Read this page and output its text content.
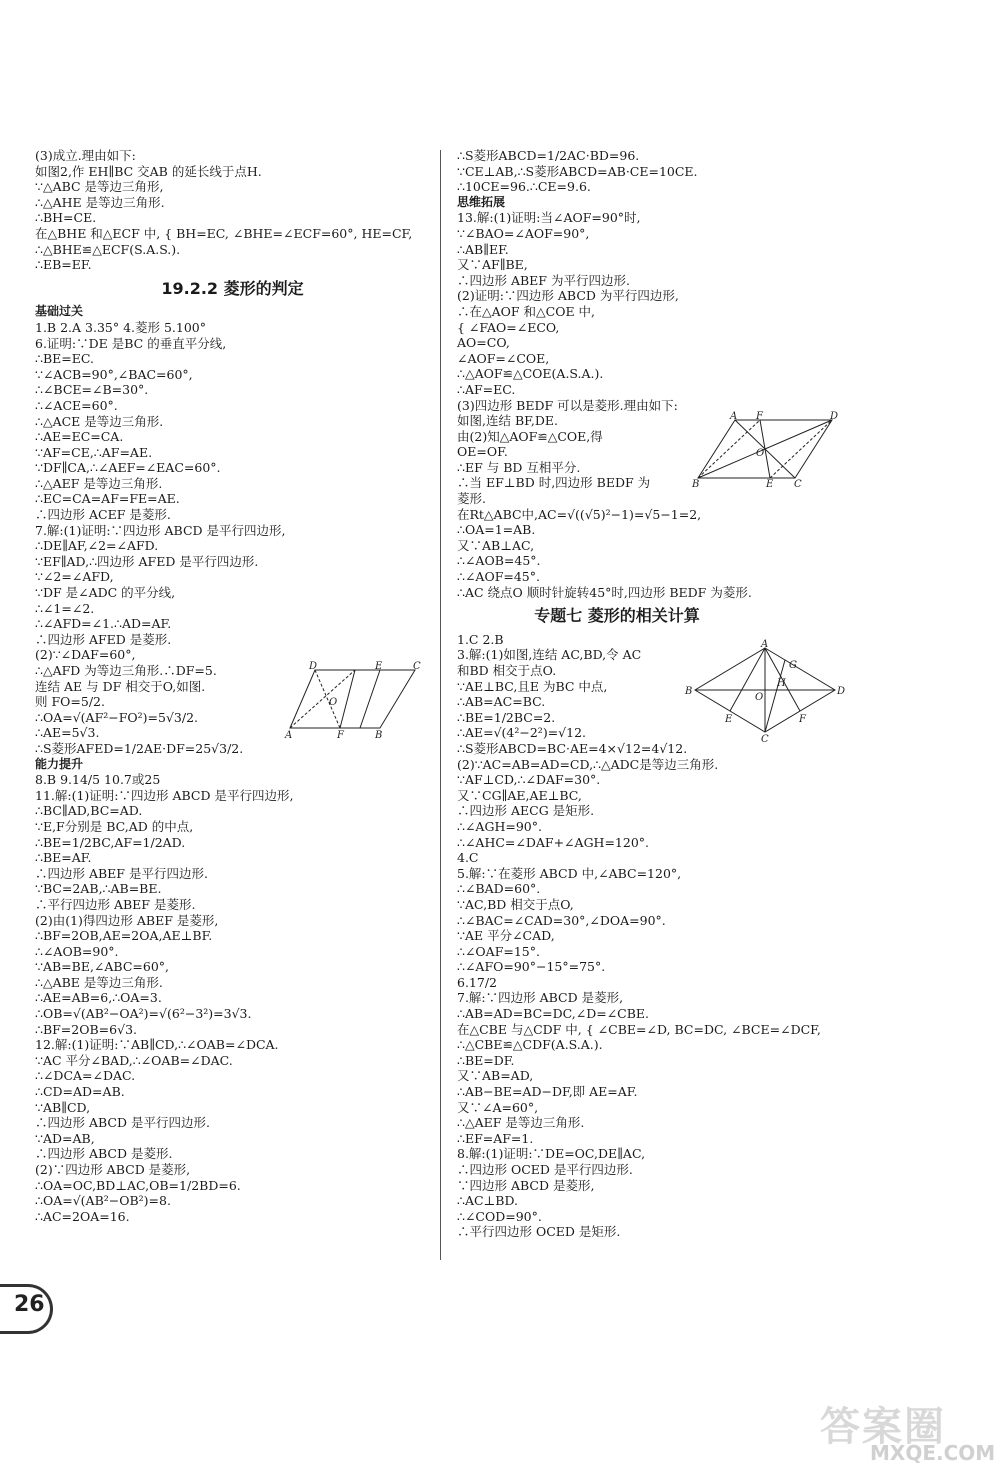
(3)成立.理由如下:
如图2,作 EH∥BC 交AB 的延长线于点H.
∵△ABC 是等边三角形,
∴△AHE 是等边三角形.
∴BH=CE.
在△BHE 和△ECF 中, { BH=EC, ∠BHE=∠ECF=60°, HE=CF,
∴△BHE≌△ECF(S.A.S.).
∴EB=EF.
19.2.2 菱形的判定
基础过关
1.B 2.A 3.35° 4.菱形 5.100°
6.证明:∵DE 是BC 的垂直平分线,
∴BE=EC.
∵∠ACB=90°,∠BAC=60°,
∴∠BCE=∠B=30°.
∴∠ACE=60°.
∴△ACE 是等边三角形.
∴AE=EC=CA.
∵AF=CE,∴AF=AE.
∵DF∥CA,∴∠AEF=∠EAC=60°.
∴△AEF 是等边三角形.
∴EC=CA=AF=FE=AE.
∴四边形 ACEF 是菱形.
7.解:(1)证明:∵四边形 ABCD 是平行四边形,
∴DE∥AF,∠2=∠AFD.
∵EF∥AD,∴四边形 AFED 是平行四边形.
∵∠2=∠AFD,
∵DF 是∠ADC 的平分线,
∴∠1=∠2.
∴∠AFD=∠1.∴AD=AF.
∴四边形 AFED 是菱形.
(2)∵∠DAF=60°,
∴△AFD 为等边三角形.∴DF=5.
连结 AE 与 DF 相交于O,如图.
则 FO=5/2.
∴OA=√(AF²−FO²)=5√3/2.
∴AE=5√3.
∴S菱形AFED=1/2AE·DF=25√3/2.
能力提升
8.B 9.14/5 10.7或25
11.解:(1)证明:∵四边形 ABCD 是平行四边形,
∴BC∥AD,BC=AD.
∵E,F分别是 BC,AD 的中点,
∴BE=1/2BC,AF=1/2AD.
∴BE=AF.
∴四边形 ABEF 是平行四边形.
∵BC=2AB,∴AB=BE.
∴平行四边形 ABEF 是菱形.
(2)由(1)得四边形 ABEF 是菱形,
∴BF=2OB,AE=2OA,AE⊥BF.
∴∠AOB=90°.
∵AB=BE,∠ABC=60°,
∴△ABE 是等边三角形.
∴AE=AB=6,∴OA=3.
∴OB=√(AB²−OA²)=√(6²−3²)=3√3.
∴BF=2OB=6√3.
12.解:(1)证明:∵AB∥CD,∴∠OAB=∠DCA.
∵AC 平分∠BAD,∴∠OAB=∠DAC.
∴∠DCA=∠DAC.
∴CD=AD=AB.
∵AB∥CD,
∴四边形 ABCD 是平行四边形.
∵AD=AB,
∴四边形 ABCD 是菱形.
(2)∵四边形 ABCD 是菱形,
∴OA=OC,BD⊥AC,OB=1/2BD=6.
∴OA=√(AB²−OB²)=8.
∴AC=2OA=16.
∴S菱形ABCD=1/2AC·BD=96.
∵CE⊥AB,∴S菱形ABCD=AB·CE=10CE.
∴10CE=96.∴CE=9.6.
思维拓展
13.解:(1)证明:当∠AOF=90°时,
∵∠BAO=∠AOF=90°,
∴AB∥EF.
又∵AF∥BE,
∴四边形 ABEF 为平行四边形.
(2)证明:∵四边形 ABCD 为平行四边形,
∴在△AOF 和△COE 中,
{ ∠FAO=∠ECO,
AO=CO,
∠AOF=∠COE,
∴△AOF≌△COE(A.S.A.).
∴AF=EC.
(3)四边形 BEDF 可以是菱形.理由如下:
如图,连结 BF,DE.
由(2)知△AOF≌△COE,得
OE=OF.
∴EF 与 BD 互相平分.
∴当 EF⊥BD 时,四边形 BEDF 为
菱形.
在Rt△ABC中,AC=√((√5)²−1)=√5−1=2,
∴OA=1=AB.
又∵AB⊥AC,
∴∠AOB=45°.
∴∠AOF=45°.
∴AC 绕点O 顺时针旋转45°时,四边形 BEDF 为菱形.
专题七 菱形的相关计算
1.C 2.B
3.解:(1)如图,连结 AC,BD,令 AC
和BD 相交于点O.
∵AE⊥BC,且E 为BC 中点,
∴AB=AC=BC.
∴BE=1/2BC=2.
∴AE=√(4²−2²)=√12.
∴S菱形ABCD=BC·AE=4×√12=4√12.
(2)∵AC=AB=AD=CD,∴△ADC是等边三角形.
∵AF⊥CD,∴∠DAF=30°.
又∵CG∥AE,AE⊥BC,
∴四边形 AECG 是矩形.
∴∠AGH=90°.
∴∠AHC=∠DAF+∠AGH=120°.
4.C
5.解:∵在菱形 ABCD 中,∠ABC=120°,
∴∠BAD=60°.
∵AC,BD 相交于点O,
∴∠BAC=∠CAD=30°,∠DOA=90°.
∵AE 平分∠CAD,
∴∠OAF=15°.
∴∠AFO=90°−15°=75°.
6.17/2
7.解:∵四边形 ABCD 是菱形,
∴AB=AD=BC=DC,∠D=∠CBE.
在△CBE 与△CDF 中, { ∠CBE=∠D, BC=DC, ∠BCE=∠DCF,
∴△CBE≌△CDF(A.S.A.).
∴BE=DF.
又∵AB=AD,
∴AB−BE=AD−DF,即 AE=AF.
又∵∠A=60°,
∴△AEF 是等边三角形.
∴EF=AF=1.
8.解:(1)证明:∵DE=OC,DE∥AC,
∴四边形 OCED 是平行四边形.
∵四边形 ABCD 是菱形,
∴AC⊥BD.
∴∠COD=90°.
∴平行四边形 OCED 是矩形.
D	E	C
A	F	B
O
A F	D
B	E C
O
A
B
C
D
E	F
G
H
O
26
答案圈
MXQE.COM
